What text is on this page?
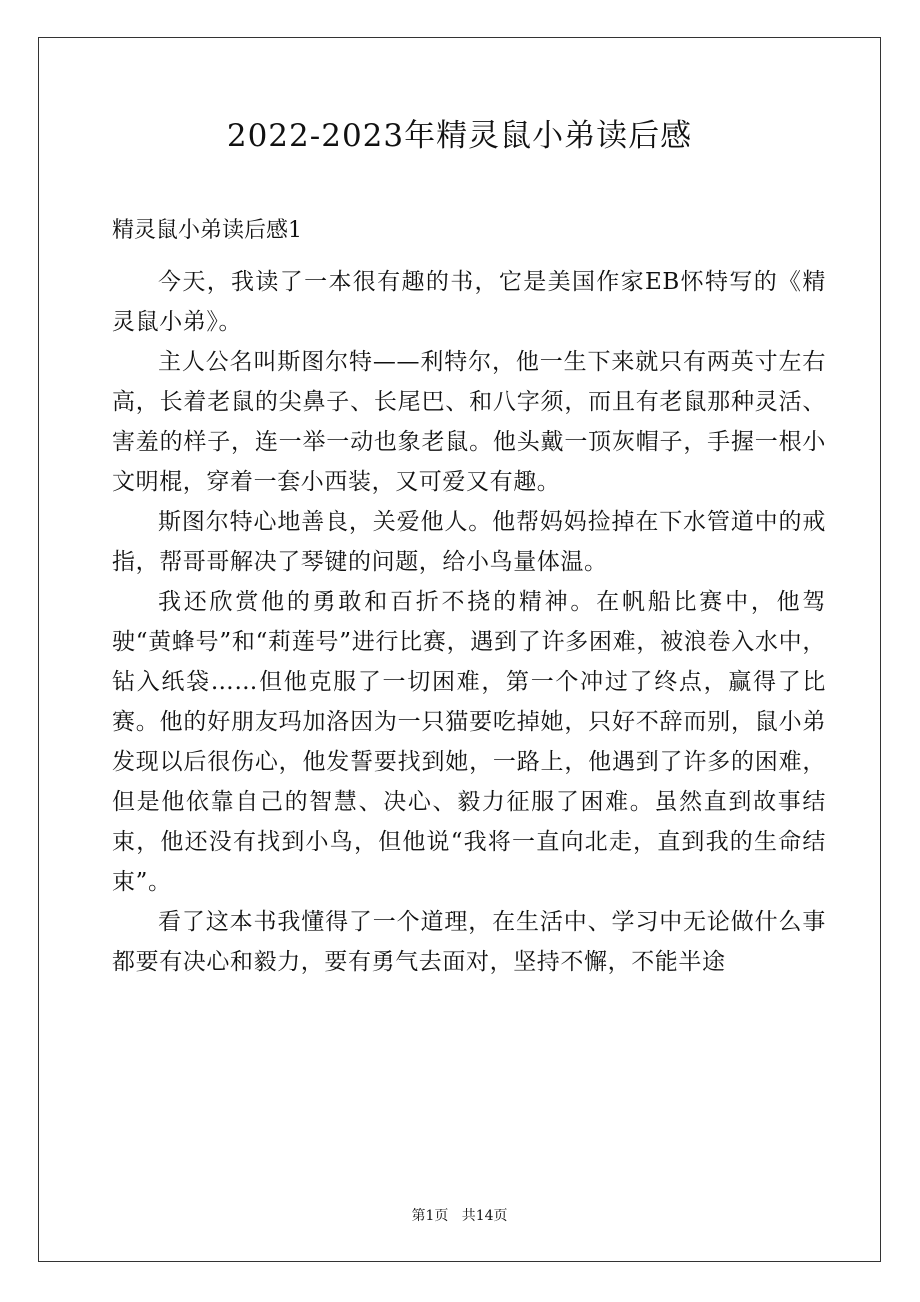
2022-2023年精灵鼠小弟读后感

精灵鼠小弟读后感1

今天，我读了一本很有趣的书，它是美国作家EB怀特写的《精灵鼠小弟》。

主人公名叫斯图尔特——利特尔，他一生下来就只有两英寸左右高，长着老鼠的尖鼻子、长尾巴、和八字须，而且有老鼠那种灵活、害羞的样子，连一举一动也象老鼠。他头戴一顶灰帽子，手握一根小文明棍，穿着一套小西装，又可爱又有趣。

斯图尔特心地善良，关爱他人。他帮妈妈捡掉在下水管道中的戒指，帮哥哥解决了琴键的问题，给小鸟量体温。

我还欣赏他的勇敢和百折不挠的精神。在帆船比赛中，他驾驶“黄蜂号”和“莉莲号”进行比赛，遇到了许多困难，被浪卷入水中，钻入纸袋……但他克服了一切困难，第一个冲过了终点，赢得了比赛。他的好朋友玛加洛因为一只猫要吃掉她，只好不辞而别，鼠小弟发现以后很伤心，他发誓要找到她，一路上，他遇到了许多的困难，但是他依靠自己的智慧、决心、毅力征服了困难。虽然直到故事结束，他还没有找到小鸟，但他说“我将一直向北走，直到我的生命结束”。

看了这本书我懂得了一个道理，在生活中、学习中无论做什么事都要有决心和毅力，要有勇气去面对，坚持不懈，不能半途

第1页   共14页
